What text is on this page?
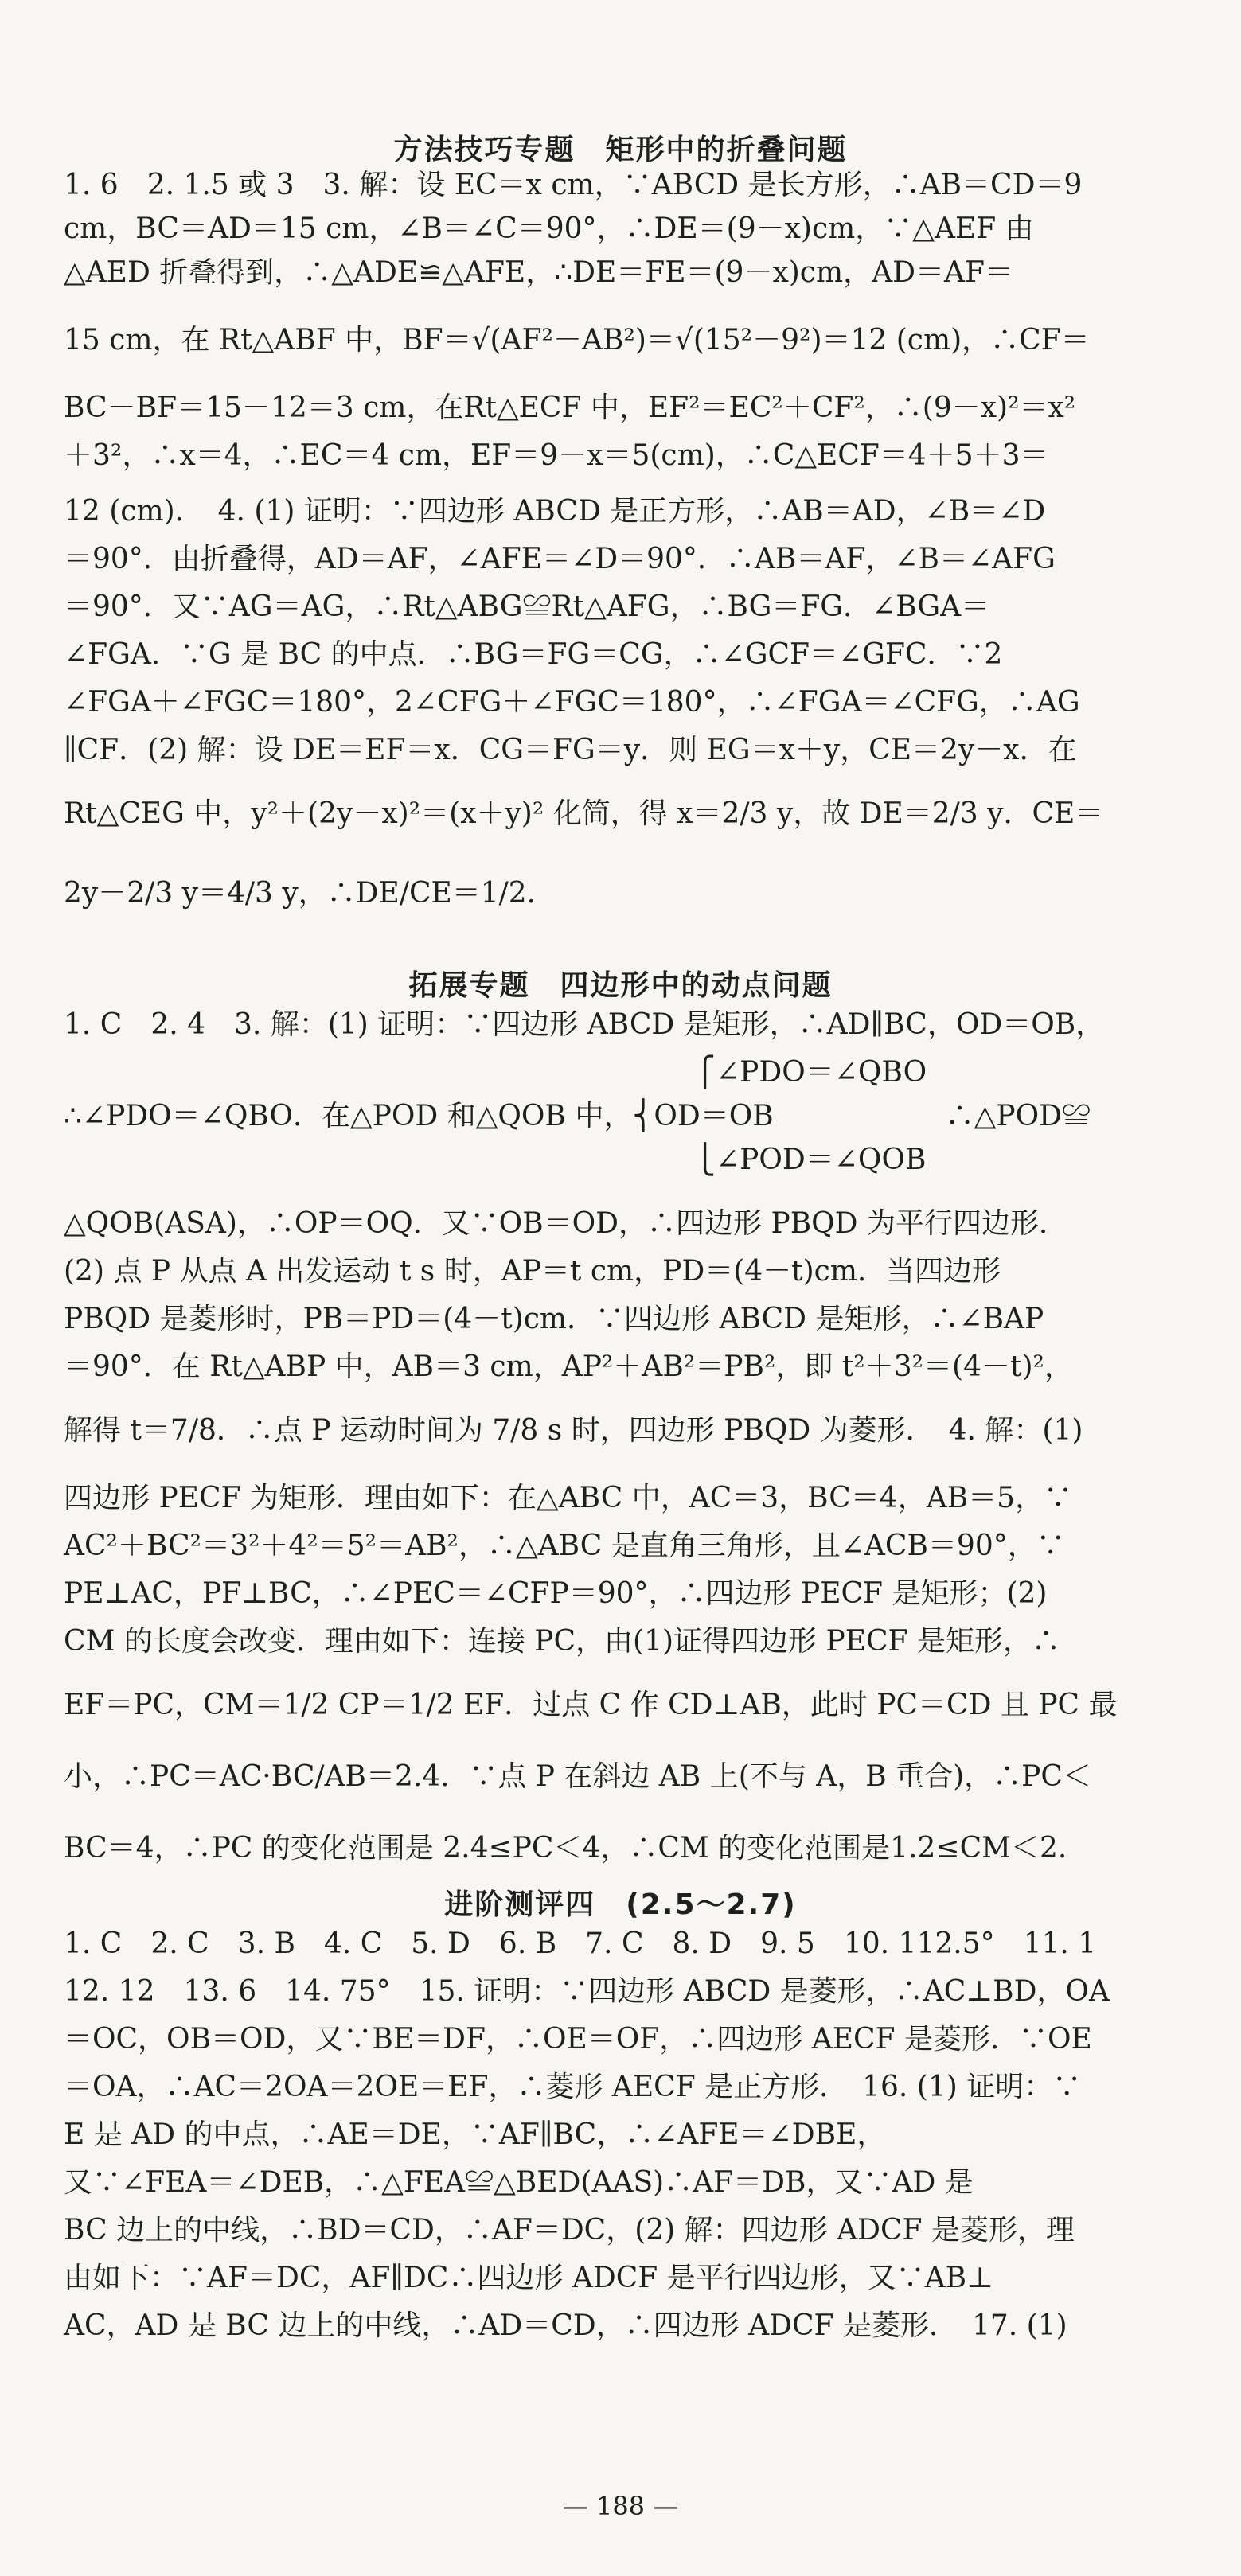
方法技巧专题　矩形中的折叠问题
1. 6　2. 1.5 或 3　3. 解：设 EC＝x cm，∵ABCD 是长方形，∴AB＝CD＝9
cm，BC＝AD＝15 cm，∠B＝∠C＝90°，∴DE＝(9－x)cm，∵△AEF 由
△AED 折叠得到，∴△ADE≌△AFE，∴DE＝FE＝(9－x)cm，AD＝AF＝
15 cm，在 Rt△ABF 中，BF＝√(AF²－AB²)＝√(15²－9²)＝12 (cm)，∴CF＝
BC－BF＝15－12＝3 cm，在Rt△ECF 中，EF²＝EC²＋CF²，∴(9－x)²＝x²
＋3²，∴x＝4，∴EC＝4 cm，EF＝9－x＝5(cm)，∴C△ECF＝4＋5＋3＝
12 (cm)．　4. (1) 证明：∵四边形 ABCD 是正方形，∴AB＝AD，∠B＝∠D
＝90°．由折叠得，AD＝AF，∠AFE＝∠D＝90°．∴AB＝AF，∠B＝∠AFG
＝90°．又∵AG＝AG，∴Rt△ABG≌Rt△AFG，∴BG＝FG．∠BGA＝
∠FGA．∵G 是 BC 的中点．∴BG＝FG＝CG，∴∠GCF＝∠GFC．∵2
∠FGA＋∠FGC＝180°，2∠CFG＋∠FGC＝180°，∴∠FGA＝∠CFG，∴AG
∥CF．(2) 解：设 DE＝EF＝x．CG＝FG＝y．则 EG＝x＋y，CE＝2y－x．在
Rt△CEG 中，y²＋(2y－x)²＝(x＋y)² 化简，得 x＝2/3 y，故 DE＝2/3 y．CE＝
2y－2/3 y＝4/3 y，∴DE/CE＝1/2．
拓展专题　四边形中的动点问题
1. C　2. 4　3. 解：(1) 证明：∵四边形 ABCD 是矩形，∴AD∥BC，OD＝OB，
　　　　　　　　　　　　　　　　　　　　　　⎧∠PDO＝∠QBO
∴∠PDO＝∠QBO．在△POD 和△QOB 中，⎨OD＝OB　　　　　　∴△POD≌
　　　　　　　　　　　　　　　　　　　　　　⎩∠POD＝∠QOB
△QOB(ASA)，∴OP＝OQ．又∵OB＝OD，∴四边形 PBQD 为平行四边形．
(2) 点 P 从点 A 出发运动 t s 时，AP＝t cm，PD＝(4－t)cm．当四边形
PBQD 是菱形时，PB＝PD＝(4－t)cm．∵四边形 ABCD 是矩形，∴∠BAP
＝90°．在 Rt△ABP 中，AB＝3 cm，AP²＋AB²＝PB²，即 t²＋3²＝(4－t)²，
解得 t＝7/8．∴点 P 运动时间为 7/8 s 时，四边形 PBQD 为菱形．　4. 解：(1)
四边形 PECF 为矩形．理由如下：在△ABC 中，AC＝3，BC＝4，AB＝5，∵
AC²＋BC²＝3²＋4²＝5²＝AB²，∴△ABC 是直角三角形，且∠ACB＝90°，∵
PE⊥AC，PF⊥BC，∴∠PEC＝∠CFP＝90°，∴四边形 PECF 是矩形；(2)
CM 的长度会改变．理由如下：连接 PC，由(1)证得四边形 PECF 是矩形，∴
EF＝PC，CM＝1/2 CP＝1/2 EF．过点 C 作 CD⊥AB，此时 PC＝CD 且 PC 最
小，∴PC＝AC·BC/AB＝2.4．∵点 P 在斜边 AB 上(不与 A，B 重合)，∴PC＜
BC＝4，∴PC 的变化范围是 2.4≤PC＜4，∴CM 的变化范围是1.2≤CM＜2.
进阶测评四　(2.5～2.7)
1. C　2. C　3. B　4. C　5. D　6. B　7. C　8. D　9. 5　10. 112.5°　11. 1
12. 12　13. 6　14. 75°　15. 证明：∵四边形 ABCD 是菱形，∴AC⊥BD，OA
＝OC，OB＝OD，又∵BE＝DF，∴OE＝OF，∴四边形 AECF 是菱形．∵OE
＝OA，∴AC＝2OA＝2OE＝EF，∴菱形 AECF 是正方形．　16. (1) 证明：∵
E 是 AD 的中点，∴AE＝DE，∵AF∥BC，∴∠AFE＝∠DBE，
又∵∠FEA＝∠DEB，∴△FEA≌△BED(AAS)∴AF＝DB，又∵AD 是
BC 边上的中线，∴BD＝CD，∴AF＝DC，(2) 解：四边形 ADCF 是菱形，理
由如下：∵AF＝DC，AF∥DC∴四边形 ADCF 是平行四边形，又∵AB⊥
AC，AD 是 BC 边上的中线，∴AD＝CD，∴四边形 ADCF 是菱形．　17. (1)
— 188 —
